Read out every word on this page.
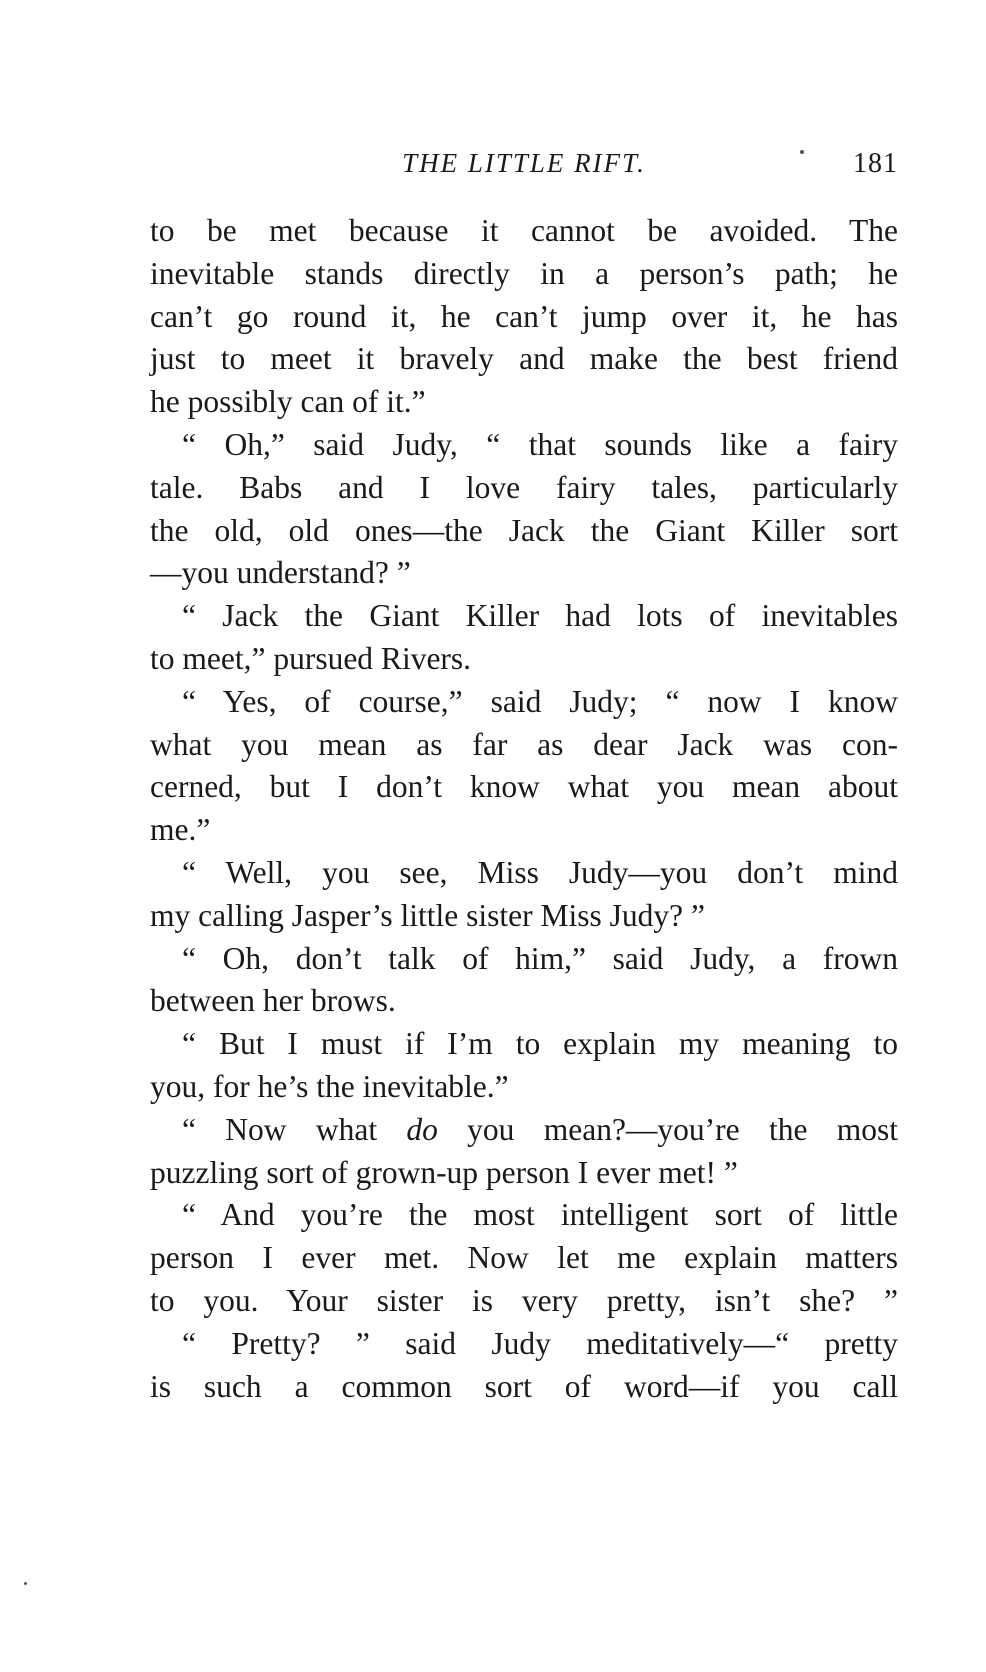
THE LITTLE RIFT.	181
to be met because it cannot be avoided. The
inevitable stands directly in a person’s path; he
can’t go round it, he can’t jump over it, he has
just to meet it bravely and make the best friend
he possibly can of it.”
“ Oh,” said Judy, “ that sounds like a fairy
tale. Babs and I love fairy tales, particularly
the old, old ones—the Jack the Giant Killer sort
—you understand? ”
“ Jack the Giant Killer had lots of inevitables
to meet,” pursued Rivers.
“ Yes, of course,” said Judy; “ now I know
what you mean as far as dear Jack was con-
cerned, but I don’t know what you mean about
me.”
“ Well, you see, Miss Judy—you don’t mind
my calling Jasper’s little sister Miss Judy? ”
“ Oh, don’t talk of him,” said Judy, a frown
between her brows.
“ But I must if I’m to explain my meaning to
you, for he’s the inevitable.”
“ Now what do you mean?—you’re the most
puzzling sort of grown-up person I ever met! ”
“ And you’re the most intelligent sort of little
person I ever met. Now let me explain matters
to you. Your sister is very pretty, isn’t she? ”
“ Pretty? ” said Judy meditatively—“ pretty
is such a common sort of word—if you call
